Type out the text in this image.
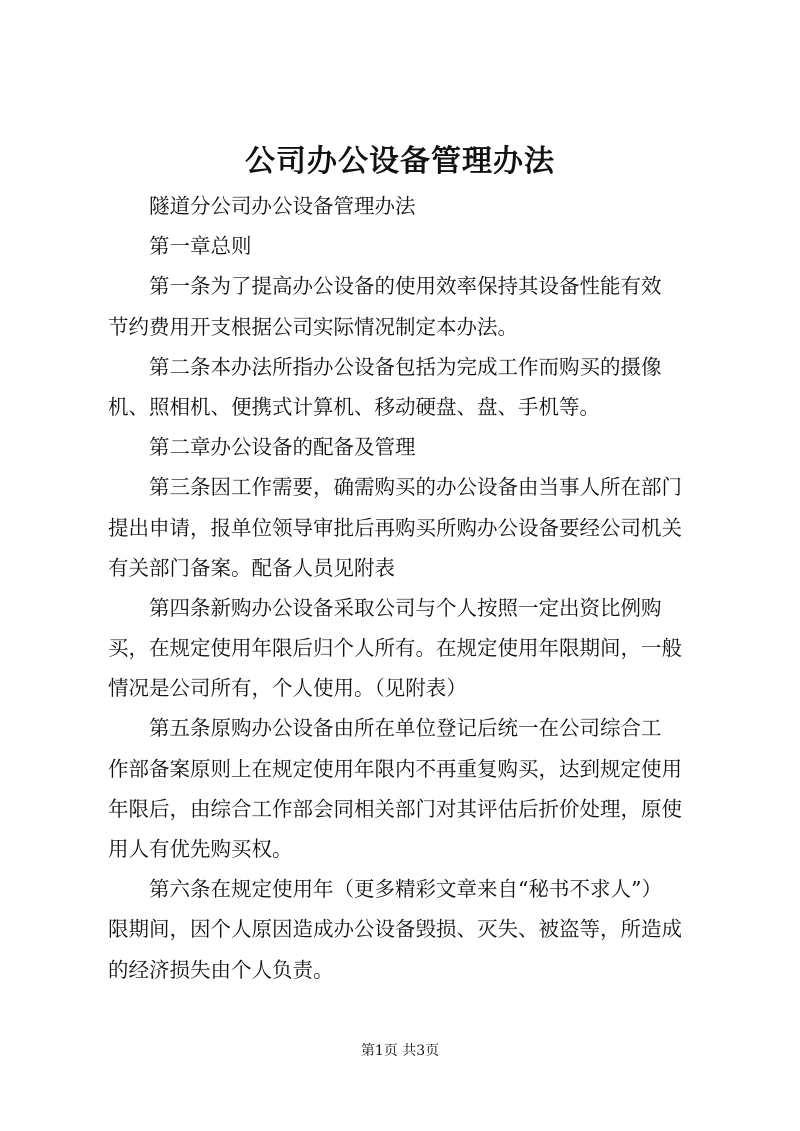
公司办公设备管理办法
隧道分公司办公设备管理办法
第一章总则
第一条为了提高办公设备的使用效率保持其设备性能有效
节约费用开支根据公司实际情况制定本办法。
第二条本办法所指办公设备包括为完成工作而购买的摄像
机、照相机、便携式计算机、移动硬盘、盘、手机等。
第二章办公设备的配备及管理
第三条因工作需要，确需购买的办公设备由当事人所在部门
提出申请，报单位领导审批后再购买所购办公设备要经公司机关
有关部门备案。配备人员见附表
第四条新购办公设备采取公司与个人按照一定出资比例购
买，在规定使用年限后归个人所有。在规定使用年限期间，一般
情况是公司所有，个人使用。（见附表）
第五条原购办公设备由所在单位登记后统一在公司综合工
作部备案原则上在规定使用年限内不再重复购买，达到规定使用
年限后，由综合工作部会同相关部门对其评估后折价处理，原使
用人有优先购买权。
第六条在规定使用年（更多精彩文章来自“秘书不求人”）
限期间，因个人原因造成办公设备毁损、灭失、被盗等，所造成
的经济损失由个人负责。
第1页 共3页
